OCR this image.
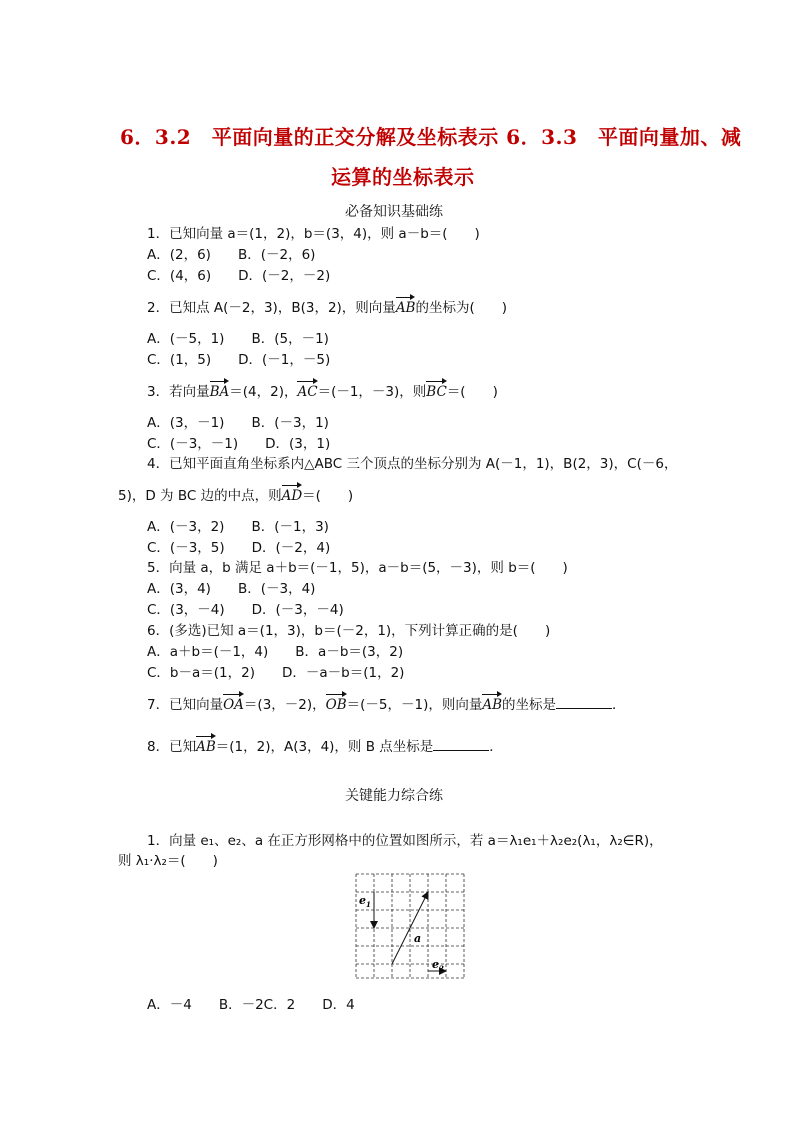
6．3.2　平面向量的正交分解及坐标表示 6．3.3　平面向量加、减
运算的坐标表示
必备知识基础练
1．已知向量 a＝(1，2)，b＝(3，4)，则 a－b＝(　　)
A．(2，6)　　B．(－2，6)
C．(4，6)　　D．(－2，－2)
2．已知点 A(－2，3)，B(3，2)，则向量AB的坐标为(　　)
A．(－5，1)　　B．(5，－1)
C．(1，5)　　D．(－1，－5)
3．若向量BA＝(4，2)，AC＝(－1，－3)，则BC＝(　　)
A．(3，－1)　　B．(－3，1)
C．(－3，－1)　　D．(3，1)
4．已知平面直角坐标系内△ABC 三个顶点的坐标分别为 A(－1，1)，B(2，3)，C(－6，
5)，D 为 BC 边的中点，则AD＝(　　)
A．(－3，2)　　B．(－1，3)
C．(－3，5)　　D．(－2，4)
5．向量 a，b 满足 a＋b＝(－1，5)，a－b＝(5，－3)，则 b＝(　　)
A．(3，4)　　B．(－3，4)
C．(3，－4)　　D．(－3，－4)
6．(多选)已知 a＝(1，3)，b＝(－2，1)，下列计算正确的是(　　)
A．a＋b＝(－1，4)　　B．a－b＝(3，2)
C．b－a＝(1，2)　　D．－a－b＝(1，2)
7．已知向量OA＝(3，－2)，OB＝(－5，－1)，则向量AB的坐标是	．
8．已知AB＝(1，2)，A(3，4)，则 B 点坐标是	．
关键能力综合练
1．向量 e₁、e₂、a 在正方形网格中的位置如图所示，若 a＝λ₁e₁＋λ₂e₂(λ₁，λ₂∈R)，
则 λ₁·λ₂＝(　　)
$e_1$
a
$e_2$
A．－4　　B．－2C．2　　D．4
